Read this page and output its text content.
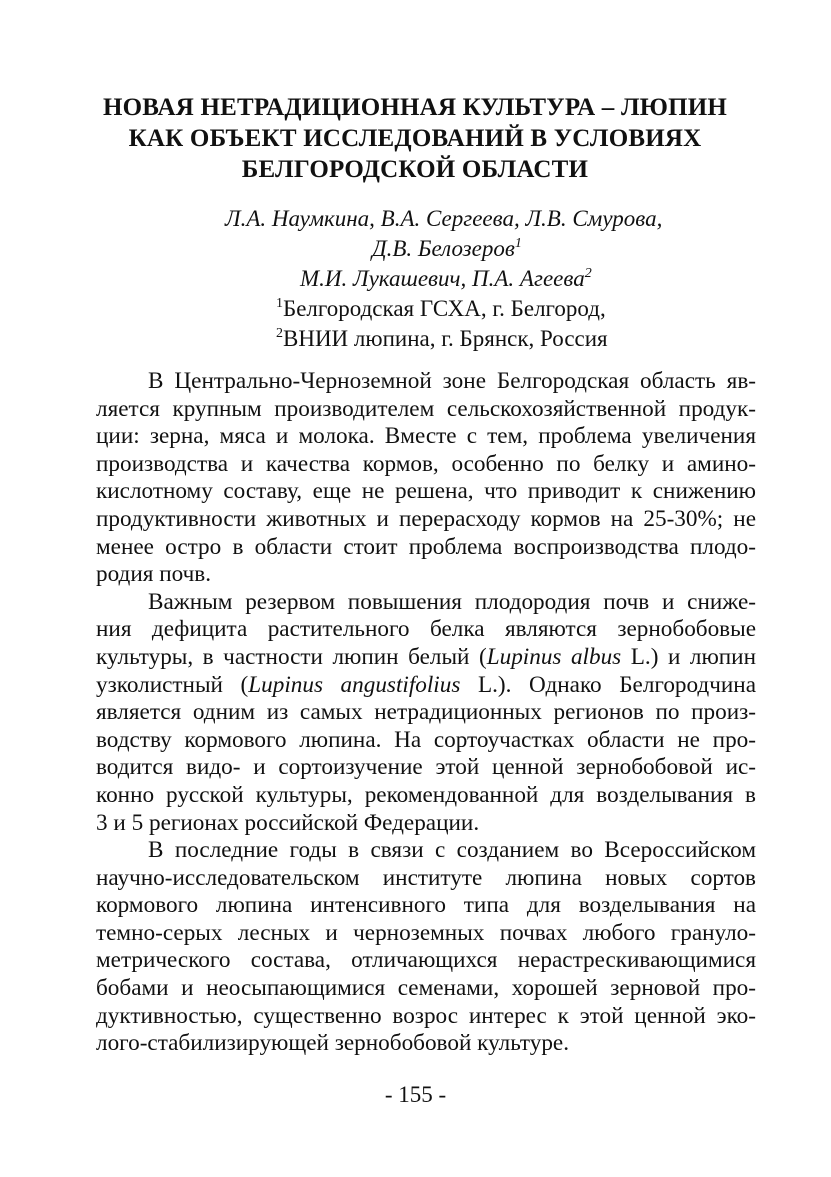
НОВАЯ НЕТРАДИЦИОННАЯ КУЛЬТУРА – ЛЮПИН
КАК ОБЪЕКТ ИССЛЕДОВАНИЙ В УСЛОВИЯХ
БЕЛГОРОДСКОЙ ОБЛАСТИ
Л.А. Наумкина, В.А. Сергеева, Л.В. Смурова,
Д.В. Белозеров$^1$
М.И. Лукашевич, П.А. Агеева$^2$
$^1$Белгородская ГСХА, г. Белгород,
$^2$ВНИИ люпина, г. Брянск, Россия
В Центрально-Черноземной зоне Белгородская область яв-
ляется крупным производителем сельскохозяйственной продук-
ции: зерна, мяса и молока. Вместе с тем, проблема увеличения
производства и качества кормов, особенно по белку и амино-
кислотному составу, еще не решена, что приводит к снижению
продуктивности животных и перерасходу кормов на 25-30%; не
менее остро в области стоит проблема воспроизводства плодо-
родия почв.
Важным резервом повышения плодородия почв и сниже-
ния дефицита растительного белка являются зернобобовые
культуры, в частности люпин белый (Lupinus albus L.) и люпин
узколистный (Lupinus angustifolius L.). Однако Белгородчина
является одним из самых нетрадиционных регионов по произ-
водству кормового люпина. На сортоучастках области не про-
водится видо- и сортоизучение этой ценной зернобобовой ис-
конно русской культуры, рекомендованной для возделывания в
3 и 5 регионах российской Федерации.
В последние годы в связи с созданием во Всероссийском
научно-исследовательском институте люпина новых сортов
кормового люпина интенсивного типа для возделывания на
темно-серых лесных и черноземных почвах любого грануло-
метрического состава, отличающихся нерастрескивающимися
бобами и неосыпающимися семенами, хорошей зерновой про-
дуктивностью, существенно возрос интерес к этой ценной эко-
лого-стабилизирующей зернобобовой культуре.
- 155 -
